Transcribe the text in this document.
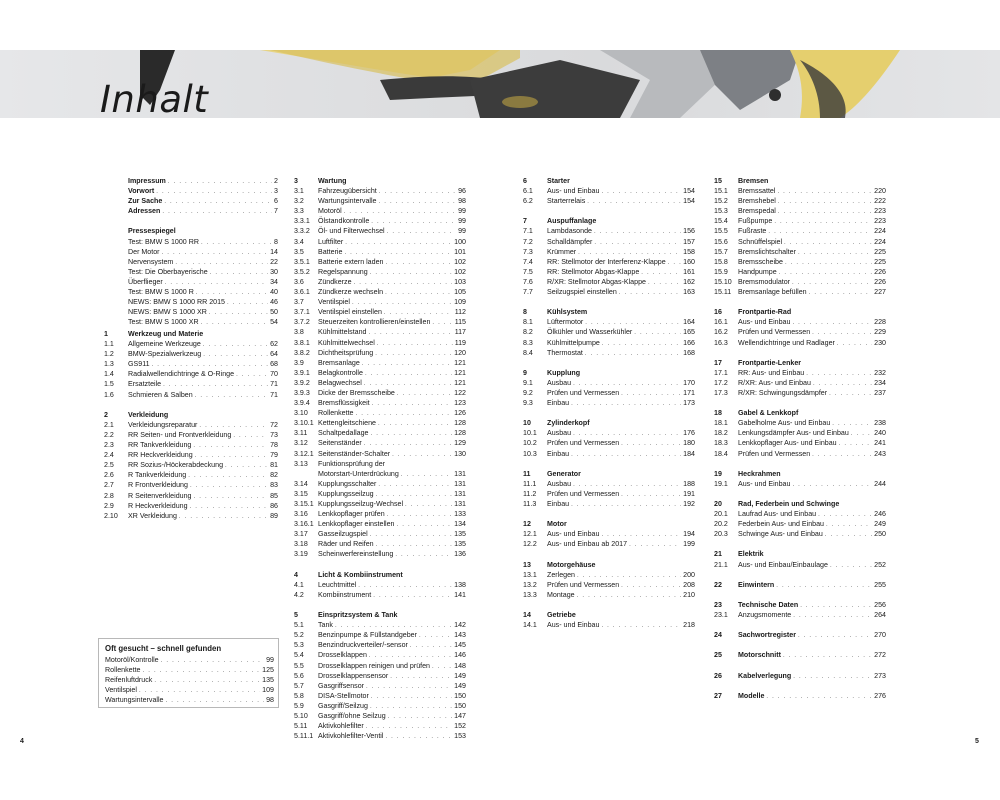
Inhalt
Impressum . . .	2
Vorwort . . .	3
Zur Sache . . .	6
Adressen . . .	7
Pressespiegel
Test: BMW S 1000 RR . . .	8
Der Motor . . .	14
Nervensystem . . .	22
Test: Die Oberbayerische . . .	30
Überflieger . . .	34
Test: BMW S 1000 R . . .	40
NEWS: BMW S 1000 RR 2015 . . .	46
NEWS: BMW S 1000 XR . . .	50
Test: BMW S 1000 XR . . .	54
1	Werkzeug und Materie
1.1	Allgemeine Werkzeuge . . .	62
1.2	BMW-Spezialwerkzeug . . .	64
1.3	GS911 . . .	68
1.4	Radialwellendichtringe & O-Ringe . . .	70
1.5	Ersatzteile . . .	71
1.6	Schmieren & Salben . . .	71
2	Verkleidung
2.1	Verkleidungsreparatur . . .	72
2.2	RR Seiten- und Frontverkleidung . . .	73
2.3	RR Tankverkleidung . . .	78
2.4	RR Heckverkleidung . . .	79
2.5	RR Sozius-/Höckerabdeckung . . .	81
2.6	R Tankverkleidung . . .	82
2.7	R Frontverkleidung . . .	83
2.8	R Seitenverkleidung . . .	85
2.9	R Heckverkleidung . . .	86
2.10	XR Verkleidung . . .	89
3	Wartung
3.1	Fahrzeugübersicht . . .	96
3.2	Wartungsintervalle . . .	98
3.3	Motoröl . . .	99
3.3.1	Ölstandkontrolle . . .	99
3.3.2	Öl- und Filterwechsel . . .	99
3.4	Luftfilter . . .	100
3.5	Batterie . . .	101
3.5.1	Batterie extern laden . . .	102
3.5.2	Regelspannung . . .	102
3.6	Zündkerze . . .	103
3.6.1	Zündkerze wechseln . . .	105
3.7	Ventilspiel . . .	109
3.7.1	Ventilspiel einstellen . . .	112
3.7.2	Steuerzeiten kontrollieren/einstellen . . .	115
3.8	Kühlmittelstand . . .	117
3.8.1	Kühlmittelwechsel . . .	119
3.8.2	Dichtheitsprüfung . . .	120
3.9	Bremsanlage . . .	121
3.9.1	Belagkontrolle . . .	121
3.9.2	Belagwechsel . . .	121
3.9.3	Dicke der Bremsscheibe . . .	122
3.9.4	Bremsflüssigkeit . . .	123
3.10	Rollenkette . . .	126
3.10.1 Kettengleitschiene . . .	128
3.11	Schaltpedallage . . .	128
3.12	Seitenständer . . .	129
3.12.1 Seitenständer-Schalter . . .	130
3.13	Funktionsprüfung der
Motorstart-Unterdrückung . . .	131
3.14	Kupplungsschalter . . .	131
3.15	Kupplungsseilzug . . .	131
3.15.1 Kupplungsseilzug-Wechsel . . .	131
3.16	Lenkkopflager prüfen . . .	133
3.16.1 Lenkkopflager einstellen . . .	134
3.17	Gasseilzugspiel . . .	135
3.18	Räder und Reifen . . .	135
3.19	Scheinwerfereinstellung . . .	136
4	Licht & Kombiinstrument
4.1	Leuchtmittel . . .	138
4.2	Kombiinstrument . . .	141
5	Einspritzsystem & Tank
5.1	Tank . . .	142
5.2	Benzinpumpe & Füllstandgeber . . .	143
5.3	Benzindruckverteiler/-sensor . . .	145
5.4	Drosselklappen . . .	146
5.5	Drosselklappen reinigen und prüfen . . .	148
5.6	Drosselklappensensor . . .	149
5.7	Gasgriffsensor . . .	149
5.8	DISA-Stellmotor . . .	150
5.9	Gasgriff/Seilzug . . .	150
5.10	Gasgriff/ohne Seilzug . . .	147
5.11	Aktivkohlefilter . . .	152
5.11.1 Aktivkohlefilter-Ventil . . .	153
6	Starter
6.1	Aus- und Einbau . . .	154
6.2	Starterrelais . . .	154
7	Auspuffanlage
7.1	Lambdasonde . . .	156
7.2	Schalldämpfer . . .	157
7.3	Krümmer . . .	158
7.4	RR: Stellmotor der Interferenz-Klappe . . . 160
7.5	RR: Stellmotor Abgas-Klappe . . .	161
7.6	R/XR: Stellmotor Abgas-Klappe . . .	162
7.7	Seilzugspiel einstellen . . .	163
8	Kühlsystem
8.1	Lüftermotor . . .	164
8.2	Ölkühler und Wasserkühler . . .	165
8.3	Kühlmittelpumpe . . .	166
8.4	Thermostat . . .	168
9	Kupplung
9.1	Ausbau . . .	170
9.2	Prüfen und Vermessen . . .	171
9.3	Einbau . . .	173
10	Zylinderkopf
10.1	Ausbau . . .	176
10.2	Prüfen und Vermessen . . .	180
10.3	Einbau . . .	184
11	Generator
11.1	Ausbau . . .	188
11.2	Prüfen und Vermessen . . .	191
11.3	Einbau . . .	192
12	Motor
12.1	Aus- und Einbau . . .	194
12.2	Aus- und Einbau ab 2017 . . .	199
13	Motorgehäuse
13.1	Zerlegen . . .	200
13.2	Prüfen und Vermessen . . .	208
13.3	Montage . . .	210
14	Getriebe
14.1	Aus- und Einbau . . .	218
15	Bremsen
15.1	Bremssattel . . .	220
15.2	Bremshebel . . .	222
15.3	Bremspedal . . .	223
15.4	Fußpumpe . . .	223
15.5	Fußraste . . .	224
15.6	Schnüffelspiel . . .	224
15.7	Bremslichtschalter . . .	225
15.8	Bremsscheibe . . .	225
15.9	Handpumpe . . .	226
15.10 Bremsmodulator . . .	226
15.11 Bremsanlage befüllen . . .	227
16	Frontpartie-Rad
16.1	Aus- und Einbau . . .	228
16.2	Prüfen und Vermessen . . .	229
16.3	Wellendichtringe und Radlager . . .	230
17	Frontpartie-Lenker
17.1	RR: Aus- und Einbau . . .	232
17.2	R/XR: Aus- und Einbau . . .	234
17.3	R/XR: Schwingungsdämpfer . . .	237
18	Gabel & Lenkkopf
18.1	Gabelholme Aus- und Einbau . . .	238
18.2	Lenkungsdämpfer Aus- und Einbau . . .	240
18.3	Lenkkopflager Aus- und Einbau . . .	241
18.4	Prüfen und Vermessen . . .	243
19	Heckrahmen
19.1	Aus- und Einbau . . .	244
20	Rad, Federbein und Schwinge
20.1	Laufrad Aus- und Einbau . . .	246
20.2	Federbein Aus- und Einbau . . .	249
20.3	Schwinge Aus- und Einbau . . .	250
21	Elektrik
21.1	Aus- und Einbau/Einbaulage . . .	252
22	Einwintern . . .	255
23	Technische Daten . . .	256
23.1	Anzugsmomente . . .	264
24	Sachwortregister . . .	270
25	Motorschnitt . . .	272
26	Kabelverlegung . . .	273
27	Modelle . . .	276
Oft gesucht – schnell gefunden
Motoröl/Kontrolle . . .	99
Rollenkette . . .	125
Reifenluftdruck . . .	135
Ventilspiel . . .	109
Wartungsintervalle . . .	98
4	5
